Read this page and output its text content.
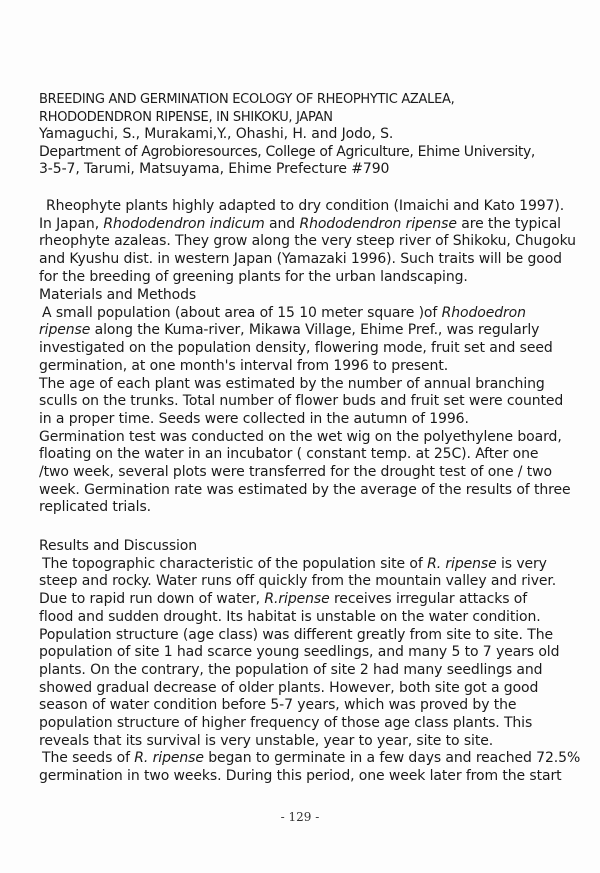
BREEDING AND GERMINATION ECOLOGY OF RHEOPHYTIC AZALEA,
RHODODENDRON RIPENSE, IN SHIKOKU, JAPAN
Yamaguchi, S., Murakami,Y., Ohashi, H. and Jodo, S.
Department of Agrobioresources, College of Agriculture, Ehime University,
3-5-7, Tarumi, Matsuyama, Ehime Prefecture #790
Rheophyte plants highly adapted to dry condition (Imaichi and Kato 1997).
In Japan, Rhododendron indicum and Rhododendron ripense are the typical
rheophyte azaleas. They grow along the very steep river of Shikoku, Chugoku
and Kyushu dist. in western Japan (Yamazaki 1996). Such traits will be good
for the breeding of greening plants for the urban landscaping.
Materials and Methods
A small population (about area of 15 10 meter square )of Rhodoedron
ripense along the Kuma-river, Mikawa Village, Ehime Pref., was regularly
investigated on the population density, flowering mode, fruit set and seed
germination, at one month's interval from 1996 to present.
The age of each plant was estimated by the number of annual branching
sculls on the trunks. Total number of flower buds and fruit set were counted
in a proper time. Seeds were collected in the autumn of 1996.
Germination test was conducted on the wet wig on the polyethylene board,
floating on the water in an incubator ( constant temp. at 25C). After one
/two week, several plots were transferred for the drought test of one / two
week. Germination rate was estimated by the average of the results of three
replicated trials.
Results and Discussion
The topographic characteristic of the population site of R. ripense is very
steep and rocky. Water runs off quickly from the mountain valley and river.
Due to rapid run down of water, R.ripense receives irregular attacks of
flood and sudden drought. Its habitat is unstable on the water condition.
Population structure (age class) was different greatly from site to site. The
population of site 1 had scarce young seedlings, and many 5 to 7 years old
plants. On the contrary, the population of site 2 had many seedlings and
showed gradual decrease of older plants. However, both site got a good
season of water condition before 5-7 years, which was proved by the
population structure of higher frequency of those age class plants. This
reveals that its survival is very unstable, year to year, site to site.
The seeds of R. ripense began to germinate in a few days and reached 72.5%
germination in two weeks. During this period, one week later from the start
- 129 -
